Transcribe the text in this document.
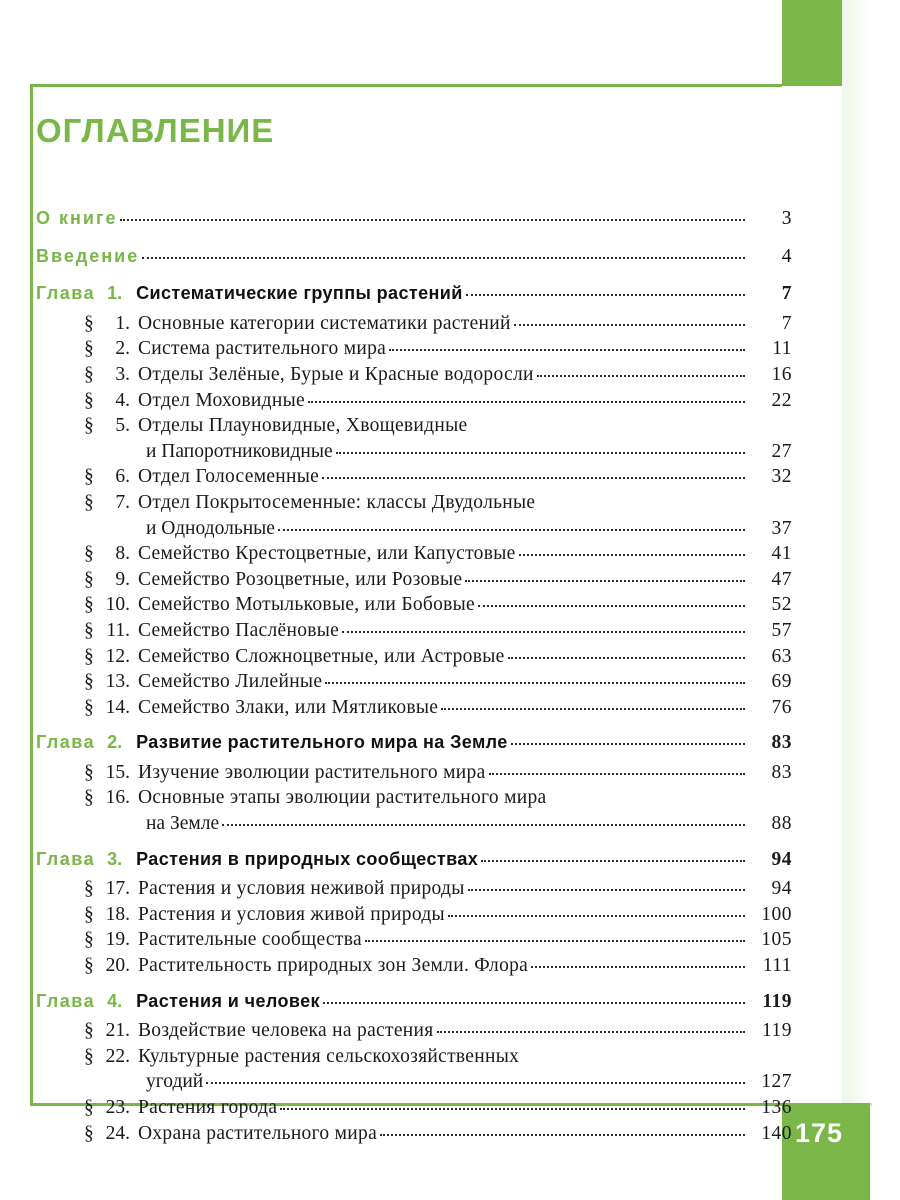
175
ОГЛАВЛЕНИЕ
О книге	3
Введение	4
Глава 1. Систематические группы растений	7
§	1. Основные категории систематики растений	7
§	2. Система растительного мира	11
§	3. Отделы Зелёные, Бурые и Красные водоросли	16
§	4. Отдел Моховидные	22
§	5. Отделы Плауновидные, Хвощевидные
и Папоротниковидные	27
§	6. Отдел Голосеменные	32
§	7. Отдел Покрытосеменные: классы Двудольные
и Однодольные	37
§	8. Семейство Крестоцветные, или Капустовые	41
§	9. Семейство Розоцветные, или Розовые	47
§ 10. Семейство Мотыльковые, или Бобовые	52
§ 11. Семейство Паслёновые	57
§ 12. Семейство Сложноцветные, или Астровые	63
§ 13. Семейство Лилейные	69
§ 14. Семейство Злаки, или Мятликовые	76
Глава 2. Развитие растительного мира на Земле	83
§ 15. Изучение эволюции растительного мира	83
§ 16. Основные этапы эволюции растительного мира
на Земле	88
Глава 3. Растения в природных сообществах	94
§ 17. Растения и условия неживой природы	94
§ 18. Растения и условия живой природы	100
§ 19. Растительные сообщества	105
§ 20. Растительность природных зон Земли. Флора	111
Глава 4. Растения и человек	119
§ 21. Воздействие человека на растения	119
§ 22. Культурные растения сельскохозяйственных
угодий	127
§ 23. Растения города	136
§ 24. Охрана растительного мира	140
